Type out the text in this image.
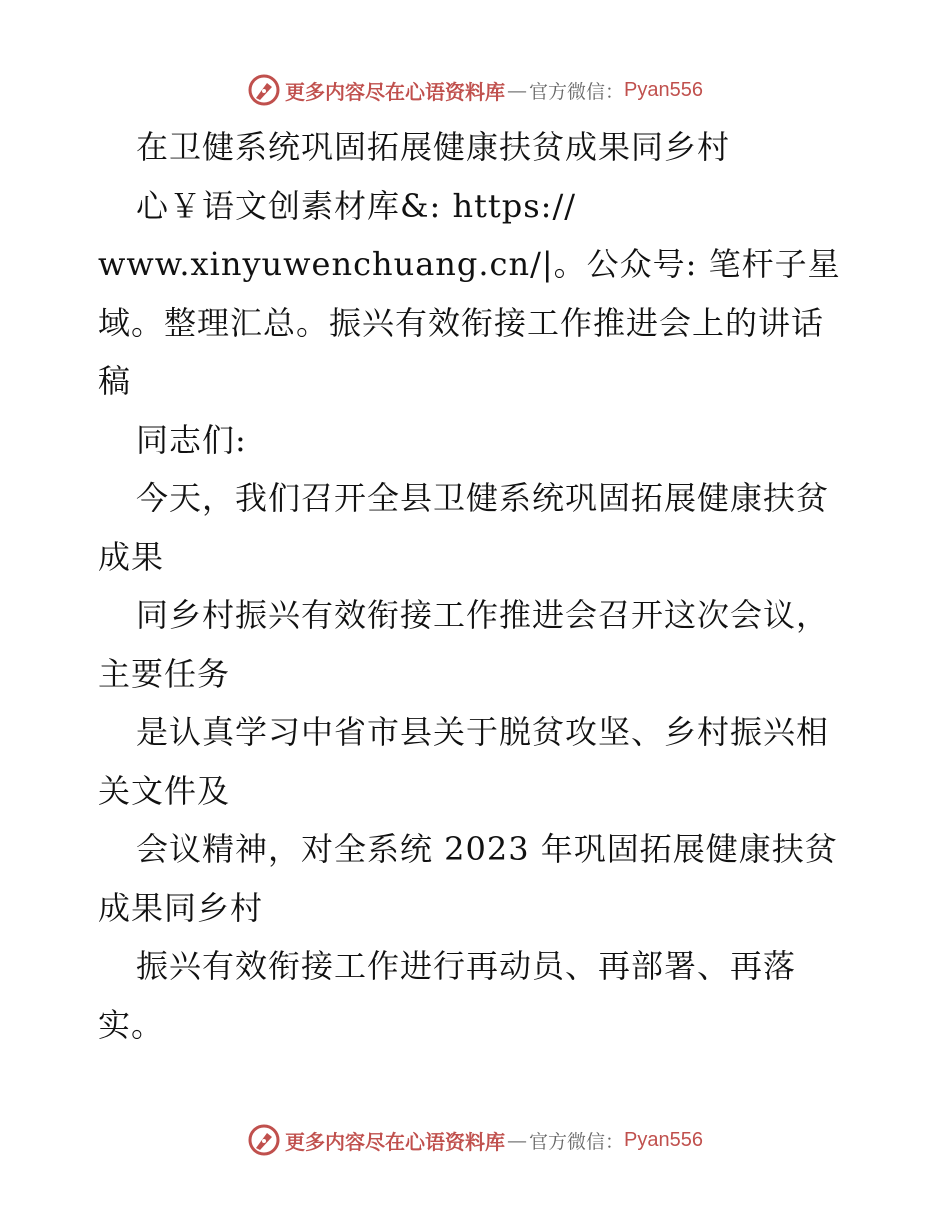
更多内容尽在心语资料库 — 官方微信： Pyan556
在卫健系统巩固拓展健康扶贫成果同乡村
心￥语文创素材库&: https://
www.xinyuwenchuang.cn/|。公众号: 笔杆子星
域。整理汇总。振兴有效衔接工作推进会上的讲话
稿
同志们:
今天，我们召开全县卫健系统巩固拓展健康扶贫
成果
同乡村振兴有效衔接工作推进会召开这次会议，
主要任务
是认真学习中省市县关于脱贫攻坚、乡村振兴相
关文件及
会议精神，对全系统 2023 年巩固拓展健康扶贫
成果同乡村
振兴有效衔接工作进行再动员、再部署、再落
实。
更多内容尽在心语资料库 — 官方微信： Pyan556
